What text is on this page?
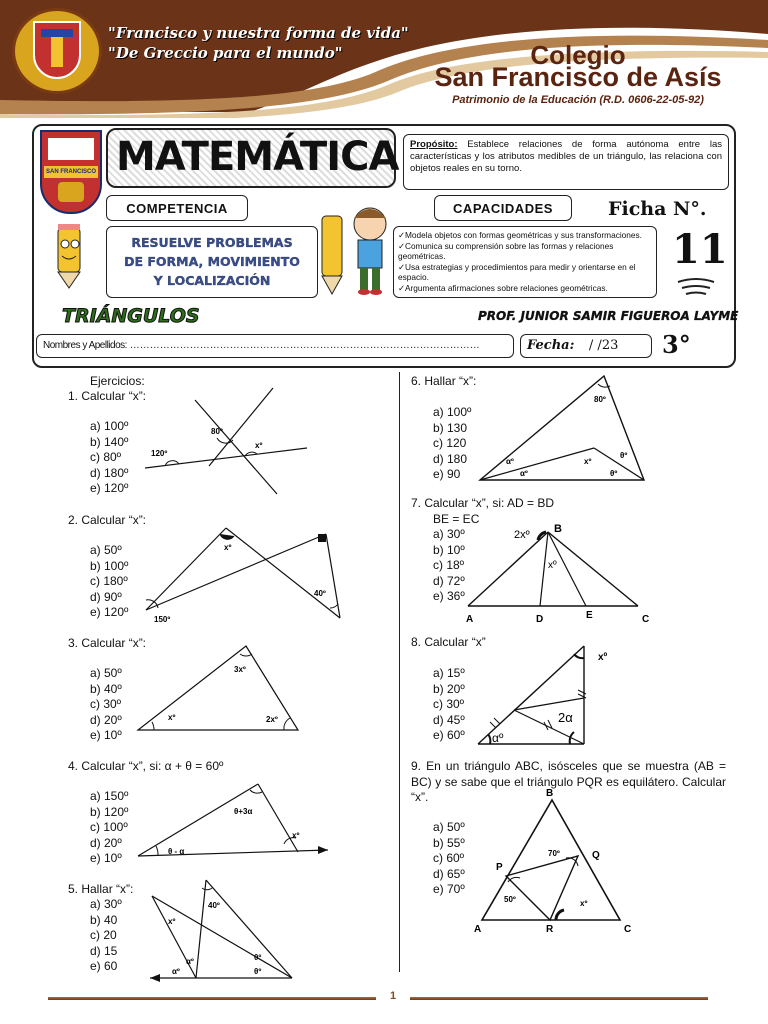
"Francisco y nuestra forma de vida"
"De Greccio para el mundo"	Colegio
San Francisco de Asís
Patrimonio de la Educación (R.D. 0606-22-05-92)
SAN FRANCISCO MATEMÁTICA Propósito: Establece relaciones de forma autónoma entre las características y los atributos medibles de un triángulo, las relaciona con objetos reales en su torno.
COMPETENCIA	CAPACIDADES	Ficha N°.
RESUELVE PROBLEMAS
DE FORMA, MOVIMIENTO
Y LOCALIZACIÓN
✓Modela objetos con formas geométricas y sus transformaciones.
✓Comunica su comprensión sobre las formas y relaciones geométricas.
✓Usa estrategias y procedimientos para medir y orientarse en el espacio.
✓Argumenta afirmaciones sobre relaciones geométricas.
11
TRIÁNGULOS	PROF. JUNIOR SAMIR FIGUEROA LAYME
Nombres y Apellidos: ……………………………………………………………………………………………	Fecha: / /23	3°
Ejercicios:
1. Calcular “x”:
a) 100º
b) 140º
c) 80º
d) 180º
e) 120º
120º
80º
xº
2. Calcular “x”:
a) 50º
b) 100º
c) 180º
d) 90º
e) 120º
xº
40º
150º
3. Calcular “x”:
a) 50º
b) 40º
c) 30º
d) 20º
e) 10º
3xº
xº	2xº
4. Calcular “x”, si: α + θ = 60º
a) 150º
b) 120º
c) 100º
d) 20º
e) 10º
θ+3α
xº
θ - α
5. Hallar “x”:
a) 30º
b) 40
c) 20
d) 15
e) 60
40º
xº
αº
θº
θº
αº
6. Hallar “x”:
a) 100º
b) 130
c) 120
d) 180
e) 90
80º
αº
αº
xº
θº
θº
7. Calcular “x”, si: AD = BD
BE = EC
a) 30º
b) 10º
c) 18º
d) 72º
e) 36º
2xº B
xº
A	D	E	C
8. Calcular “x”
a) 15º
b) 20º
c) 30º
d) 45º
e) 60º
xº
2α
αº
9. En un triángulo ABC, isósceles que se muestra (AB = BC) y se sabe que el triángulo PQR es equilátero. Calcular “x”.
a) 50º
b) 55º
c) 60º
d) 65º
e) 70º
B
Q
P
R
A	C
70º
50º	xº
1
